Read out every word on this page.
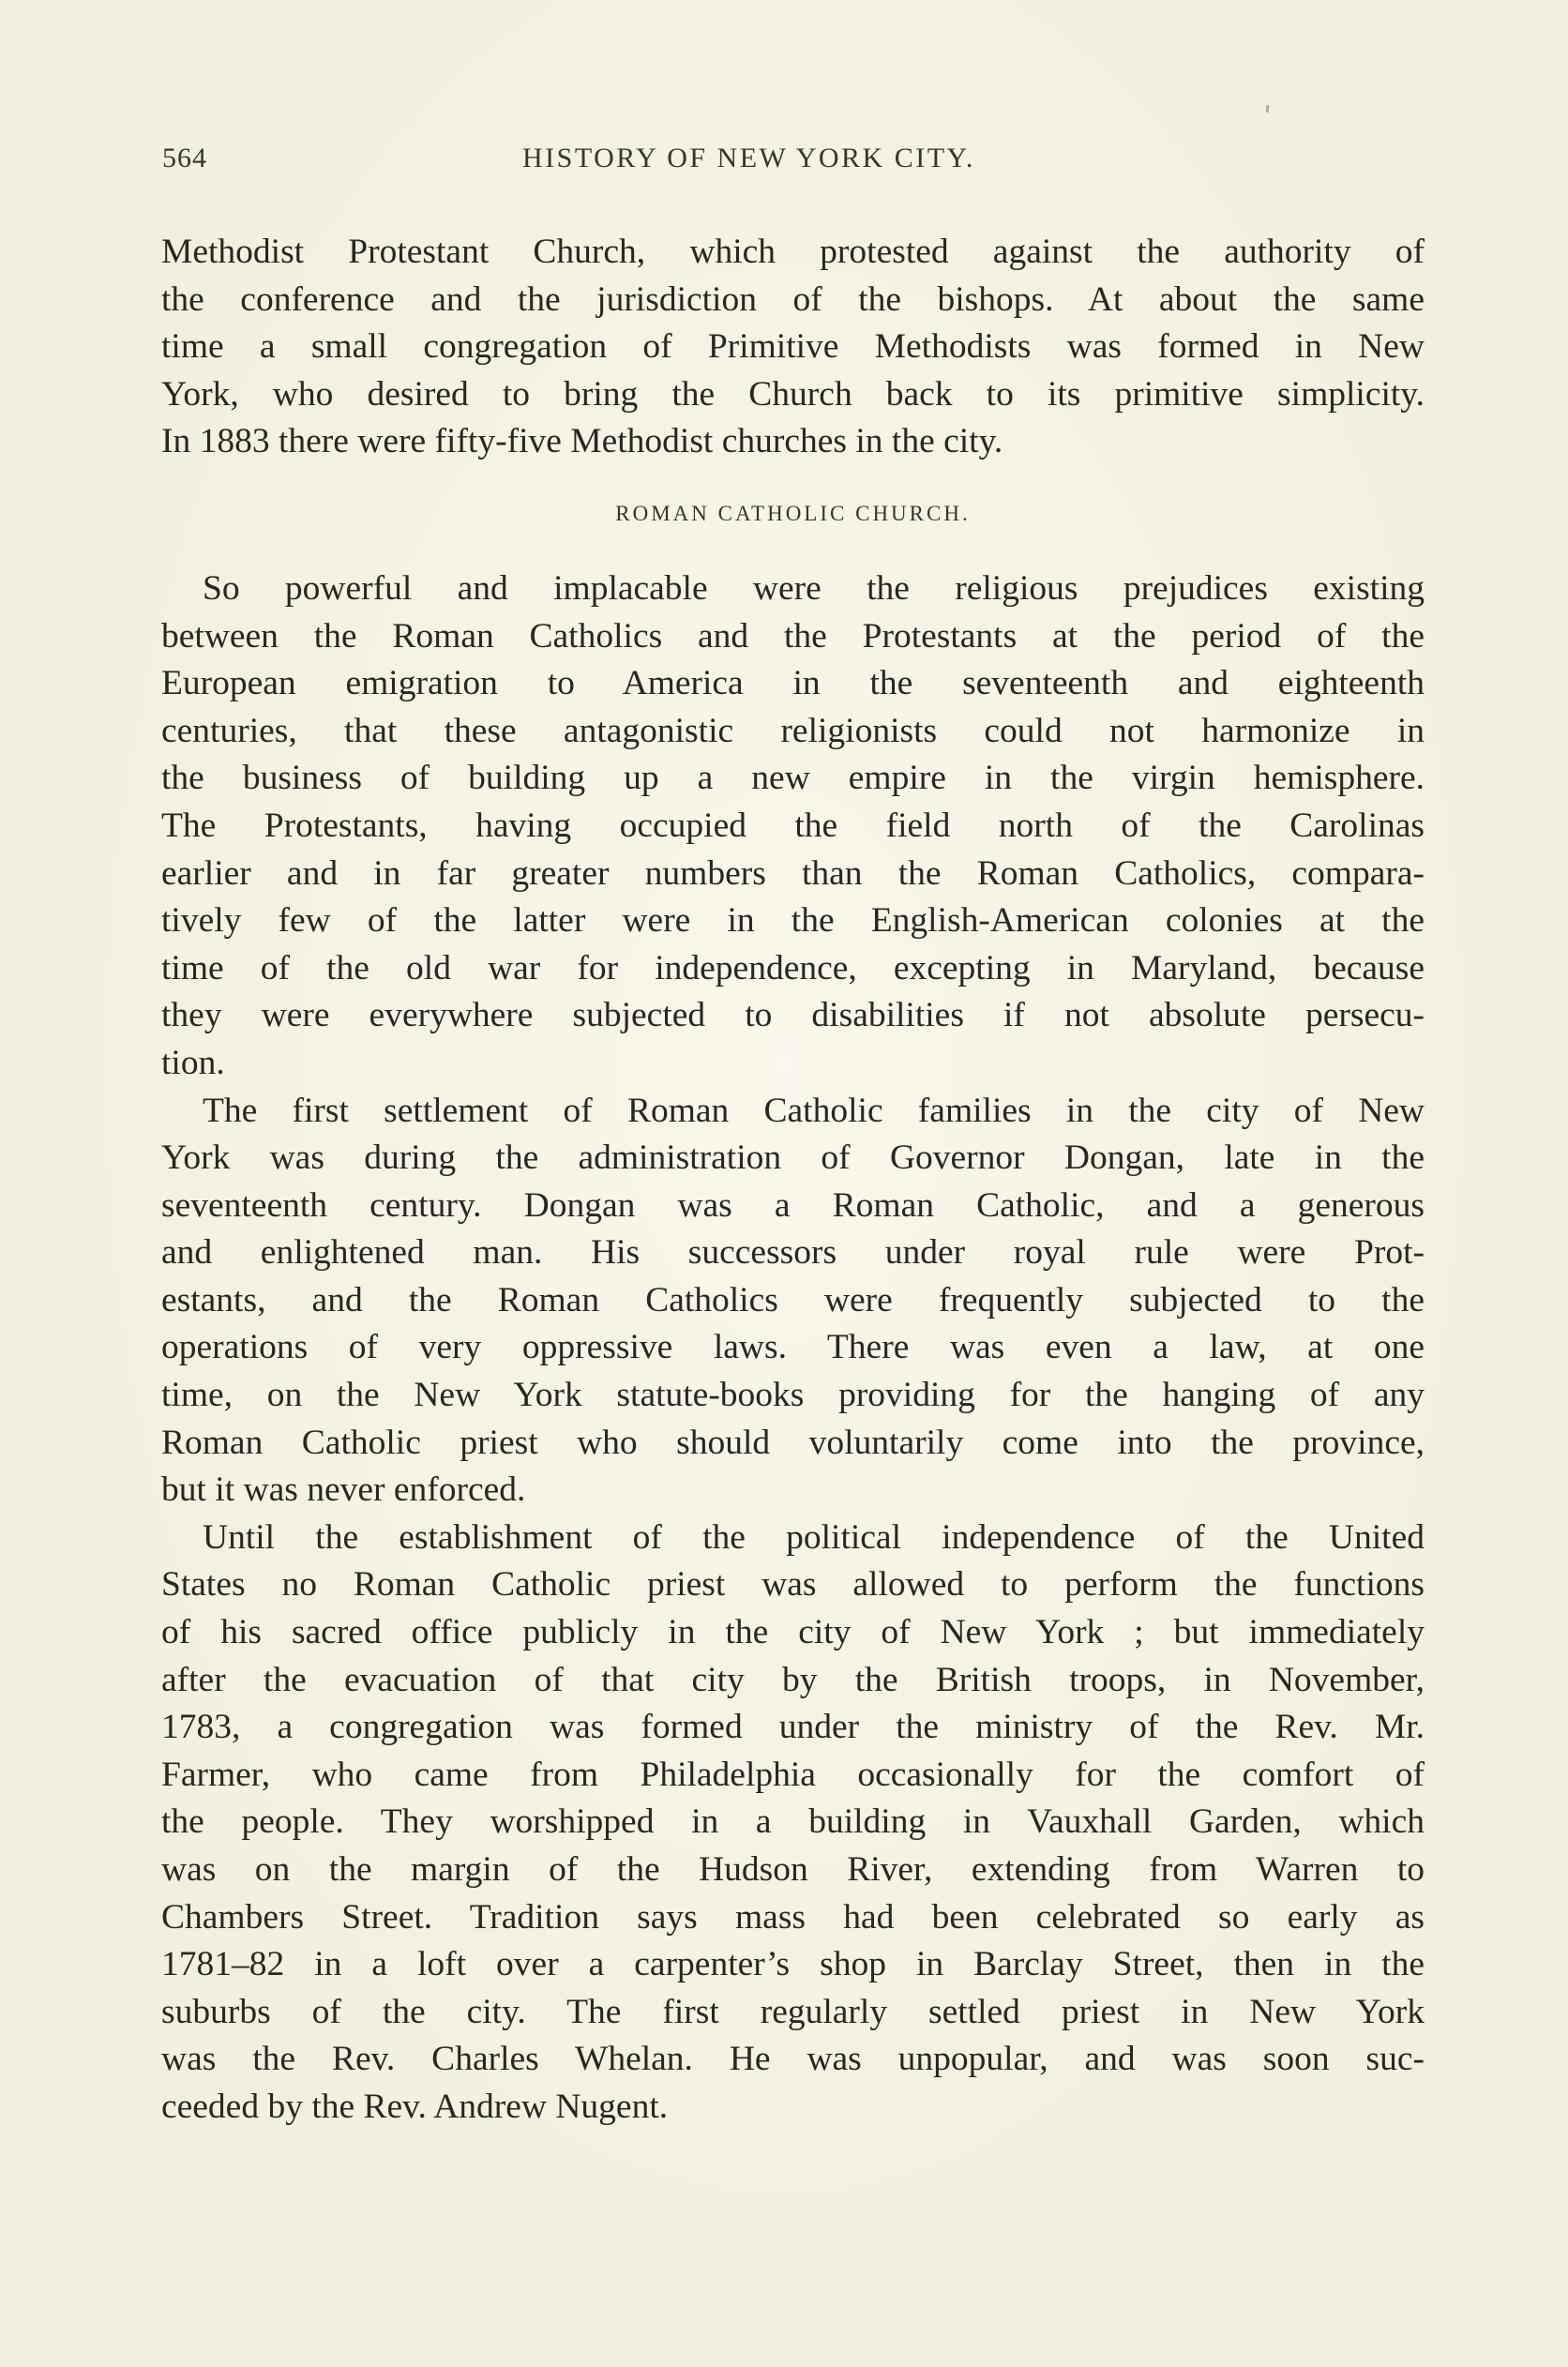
564	HISTORY OF NEW YORK CITY.
Methodist Protestant Church, which protested against the authority of
the conference and the jurisdiction of the bishops. At about the same
time a small congregation of Primitive Methodists was formed in New
York, who desired to bring the Church back to its primitive simplicity.
In 1883 there were fifty-five Methodist churches in the city.
ROMAN CATHOLIC CHURCH.
So powerful and implacable were the religious prejudices existing
between the Roman Catholics and the Protestants at the period of the
European emigration to America in the seventeenth and eighteenth
centuries, that these antagonistic religionists could not harmonize in
the business of building up a new empire in the virgin hemisphere.
The Protestants, having occupied the field north of the Carolinas
earlier and in far greater numbers than the Roman Catholics, compara-
tively few of the latter were in the English-American colonies at the
time of the old war for independence, excepting in Maryland, because
they were everywhere subjected to disabilities if not absolute persecu-
tion.
The first settlement of Roman Catholic families in the city of New
York was during the administration of Governor Dongan, late in the
seventeenth century. Dongan was a Roman Catholic, and a generous
and enlightened man. His successors under royal rule were Prot-
estants, and the Roman Catholics were frequently subjected to the
operations of very oppressive laws. There was even a law, at one
time, on the New York statute-books providing for the hanging of any
Roman Catholic priest who should voluntarily come into the province,
but it was never enforced.
Until the establishment of the political independence of the United
States no Roman Catholic priest was allowed to perform the functions
of his sacred office publicly in the city of New York ; but immediately
after the evacuation of that city by the British troops, in November,
1783, a congregation was formed under the ministry of the Rev. Mr.
Farmer, who came from Philadelphia occasionally for the comfort of
the people. They worshipped in a building in Vauxhall Garden, which
was on the margin of the Hudson River, extending from Warren to
Chambers Street. Tradition says mass had been celebrated so early as
1781–82 in a loft over a carpenter’s shop in Barclay Street, then in the
suburbs of the city. The first regularly settled priest in New York
was the Rev. Charles Whelan. He was unpopular, and was soon suc-
ceeded by the Rev. Andrew Nugent.
